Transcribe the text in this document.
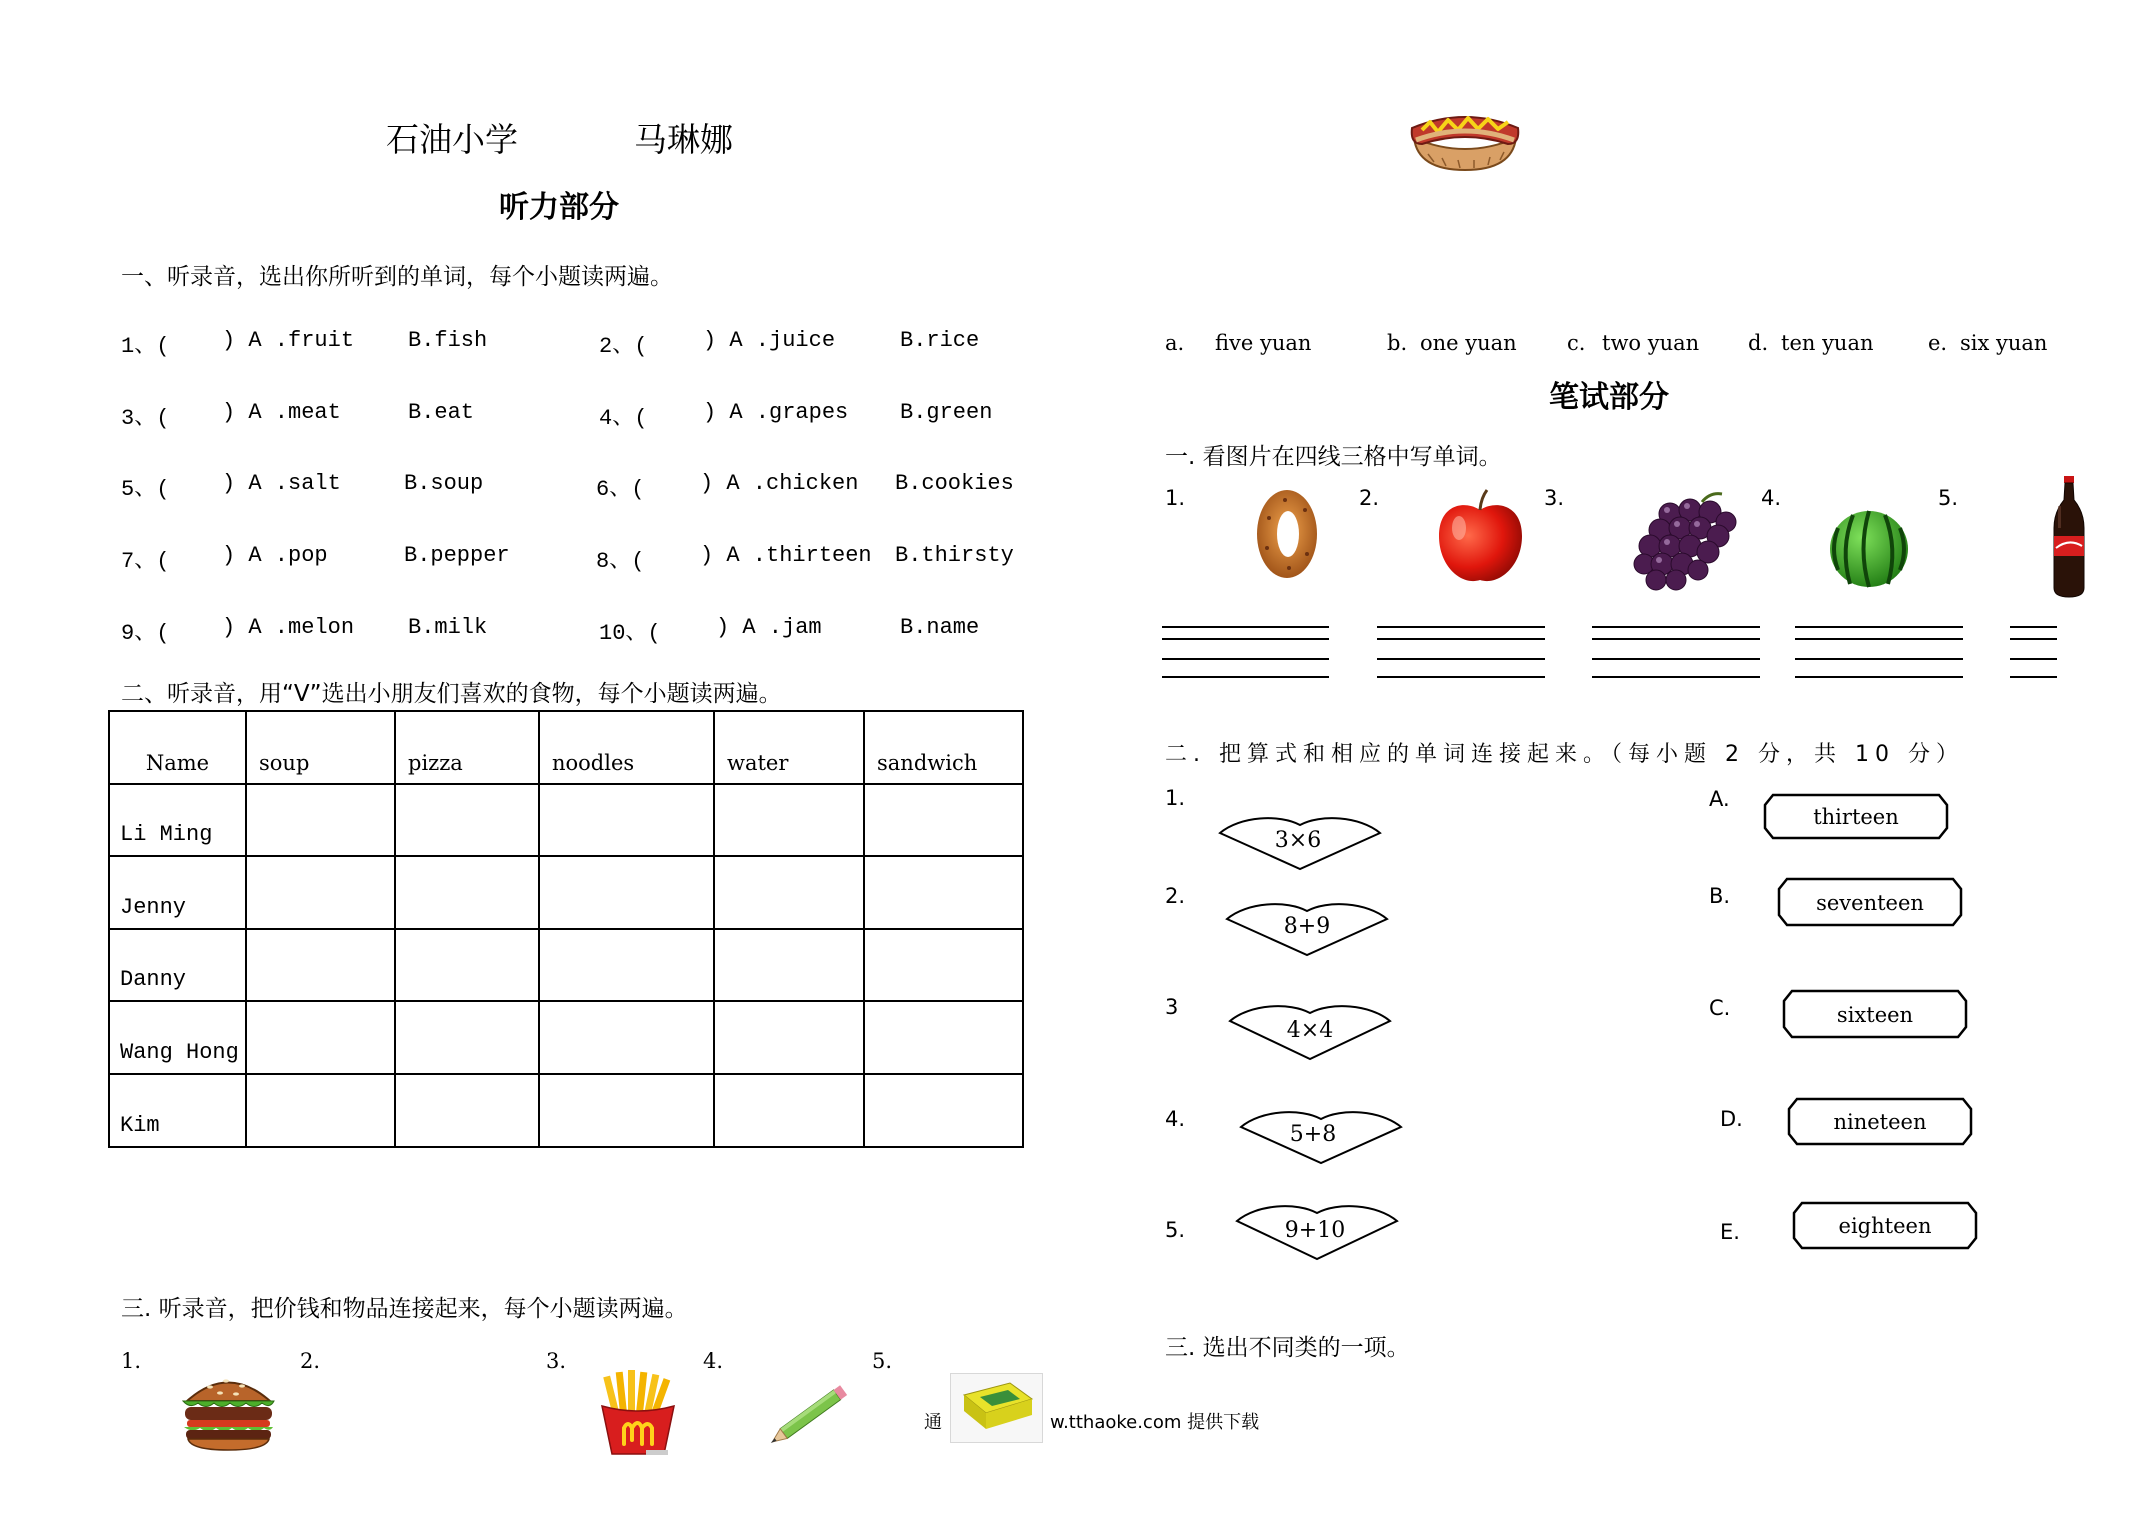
石油小学	马琳娜
听力部分
一、听录音，选出你所听到的单词，每个小题读两遍。
1、( ) A .fruit B.fish	2、(	) A .juice	B.rice
3、( ) A .meat	B.eat	4、(	) A .grapes B.green
5、( ) A .salt	B.soup	6、(	) A .chicken B.cookies
7、( ) A .pop	B.pepper	8、(	) A .thirteen B.thirsty
9、( ) A .melon B.milk	10、(	) A .jam	B.name
二、听录音，用“V”选出小朋友们喜欢的食物，每个小题读两遍。
Name	soup	pizza	noodles	water	sandwich
Li Ming					
Jenny					
Danny					
Wang Hong					
Kim					
三. 听录音，把价钱和物品连接起来，每个小题读两遍。
1.	2.	3.	4.	5.
通	w.tthaoke.com 提供下载
a. five yuan	b. one yuan c. two yuan d. ten yuan	e. six yuan
笔试部分
一. 看图片在四线三格中写单词。
1.	2.	3.	4.	5.
二. 把算式和相应的单词连接起来。（每小题 2 分，共 10 分）
1.
2.
3
4.
5.
3×6
8+9
4×4
5+8
9+10
A.
B.
C.
D.
E.
thirteen
seventeen
sixteen
nineteen
eighteen
三. 选出不同类的一项。
